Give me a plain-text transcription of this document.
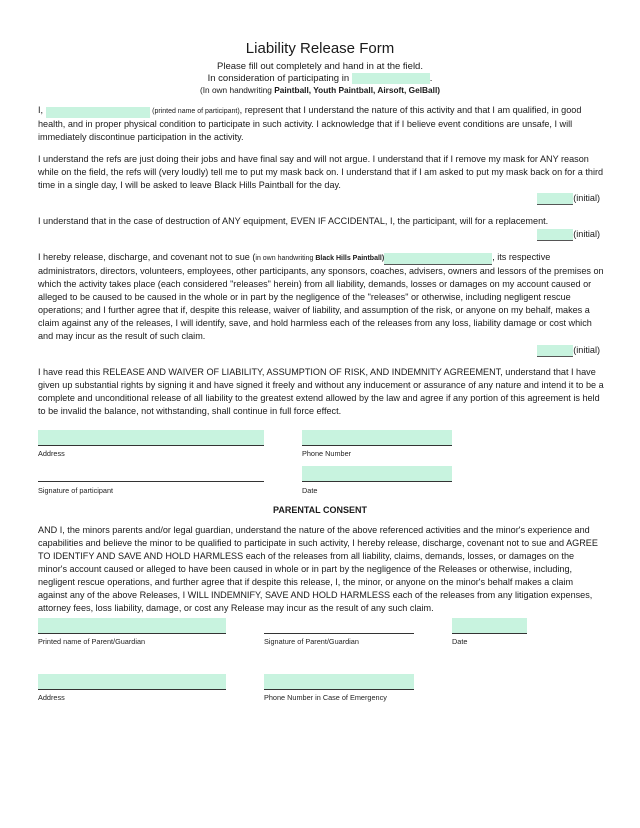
Liability Release Form
Please fill out completely and hand in at the field.
In consideration of participating in	.
(In own handwriting Paintball, Youth Paintball, Airsoft, GelBall)
I,	(printed name of participant), represent that I understand the nature of this activity and that I am qualified, in good health, and in proper physical condition to participate in such activity. I acknowledge that if I believe event conditions are unsafe, I will immediately discontinue participation in the activity.
I understand the refs are just doing their jobs and have final say and will not argue. I understand that if I remove my mask for ANY reason while on the field, the refs will (very loudly) tell me to put my mask back on. I understand that if I am asked to put my mask back on for a third time in a single day, I will be asked to leave Black Hills Paintball for the day.
(initial)
I understand that in the case of destruction of ANY equipment, EVEN IF ACCIDENTAL, I, the participant, will for a replacement.
(initial)
I hereby release, discharge, and covenant not to sue (in own handwriting Black Hills Paintball)	, its respective administrators, directors, volunteers, employees, other participants, any sponsors, coaches, advisers, owners and lessors of the premises on which the activity takes place (each considered "releases" herein) from all liability, demands, losses or damages on my account caused or alleged to be caused to be caused in the whole or in part by the negligence of the "releases" or otherwise, including negligent rescue operations; and I further agree that if, despite this release, waiver of liability, and assumption of the risk, or anyone on my behalf, makes a claim against any of the releases, I will identify, save, and hold harmless each of the releases from any loss, liability damage or cost which and may incur as the result of such claim.
(initial)
I have read this RELEASE AND WAIVER OF LIABILITY, ASSUMPTION OF RISK, AND INDEMNITY AGREEMENT, understand that I have given up substantial rights by signing it and have signed it freely and without any inducement or assurance of any nature and intend it to be a complete and unconditional release of all liability to the greatest extend allowed by the law and agree if any portion of this agreement is held to be invalid the balance, not withstanding, shall continue in full force effect.
Address	Phone Number
Signature of participant	Date
PARENTAL CONSENT
AND I, the minors parents and/or legal guardian, understand the nature of the above referenced activities and the minor's experience and capabilities and believe the minor to be qualified to participate in such activity, I hereby release, discharge, covenant not to sue and AGREE TO IDENTIFY AND SAVE AND HOLD HARMLESS each of the releases from all liability, claims, demands, losses, or damages on the minor's account caused or alleged to have been caused in whole or in part by the negligence of the Releases or otherwise, including, negligent rescue operations, and further agree that if despite this release, I, the minor, or anyone on the minor's behalf makes a claim against any of the above Releases, I WILL INDEMNIFY, SAVE AND HOLD HARMLESS each of the releases from any litigation expenses, attorney fees, loss liability, damage, or cost any Release may incur as the result of any such claim.
Printed name of Parent/Guardian	Signature of Parent/Guardian	Date
Address	Phone Number in Case of Emergency
